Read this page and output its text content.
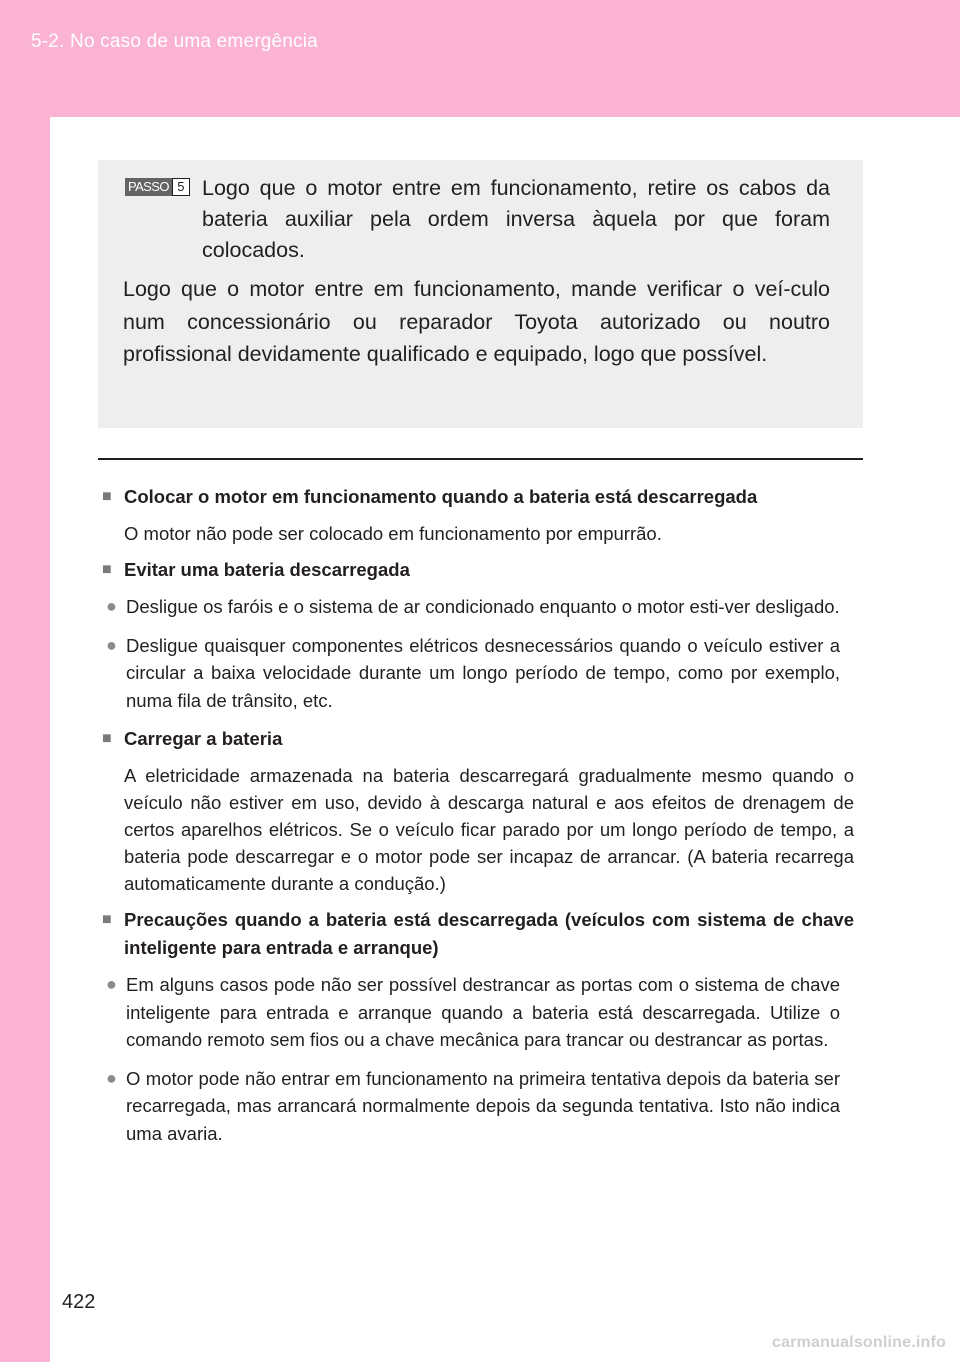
5-2. No caso de uma emergência
PASSO 5 Logo que o motor entre em funcionamento, retire os cabos da bateria auxiliar pela ordem inversa àquela por que foram colocados.
Logo que o motor entre em funcionamento, mande verificar o veí-culo num concessionário ou reparador Toyota autorizado ou noutro profissional devidamente qualificado e equipado, logo que possível.
■ Colocar o motor em funcionamento quando a bateria está descarregada
O motor não pode ser colocado em funcionamento por empurrão.
■ Evitar uma bateria descarregada
● Desligue os faróis e o sistema de ar condicionado enquanto o motor esti-ver desligado.
● Desligue quaisquer componentes elétricos desnecessários quando o veículo estiver a circular a baixa velocidade durante um longo período de tempo, como por exemplo, numa fila de trânsito, etc.
■ Carregar a bateria
A eletricidade armazenada na bateria descarregará gradualmente mesmo quando o veículo não estiver em uso, devido à descarga natural e aos efeitos de drenagem de certos aparelhos elétricos. Se o veículo ficar parado por um longo período de tempo, a bateria pode descarregar e o motor pode ser incapaz de arrancar. (A bateria recarrega automaticamente durante a condução.)
■ Precauções quando a bateria está descarregada (veículos com sistema de chave inteligente para entrada e arranque)
● Em alguns casos pode não ser possível destrancar as portas com o sistema de chave inteligente para entrada e arranque quando a bateria está descarregada. Utilize o comando remoto sem fios ou a chave mecânica para trancar ou destrancar as portas.
● O motor pode não entrar em funcionamento na primeira tentativa depois da bateria ser recarregada, mas arrancará normalmente depois da segunda tentativa. Isto não indica uma avaria.
422
carmanualsonline.info
